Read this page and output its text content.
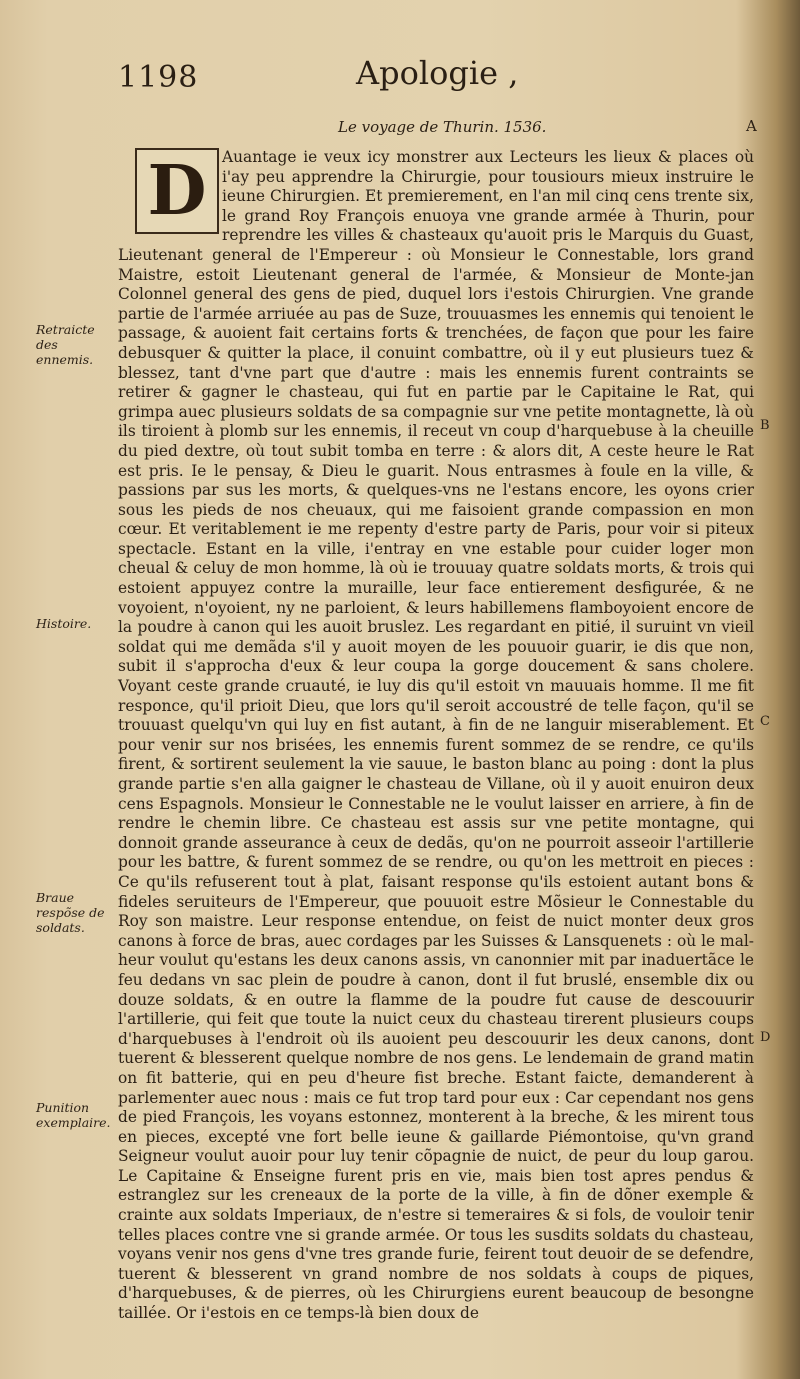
1198	Apologie ,
Le voyage de Thurin. 1536.	A
D	Auantage ie veux icy monstrer aux Lecteurs les lieux & places où i'ay peu apprendre la Chirurgie, pour tousiours mieux instruire le ieune Chirurgien. Et premierement, en l'an mil cinq cens trente six, le grand Roy François enuoya vne grande armée à Thurin, pour reprendre les villes & chasteaux qu'auoit pris le Marquis du Guast, Lieutenant general de l'Empereur : où Monsieur le Connestable, lors grand Maistre, estoit Lieutenant general de l'armée, & Monsieur de Monte-jan Colonnel general des gens de pied, duquel lors i'estois Chirurgien. Vne grande partie de l'armée arriuée au pas de Suze, trouuasmes les ennemis qui tenoient le passage, & auoient fait certains forts & trenchées, de façon que pour les faire debusquer & quitter la place, il conuint combattre, où il y eut plusieurs tuez & blessez, tant d'vne part que d'autre : mais les ennemis furent contraints se retirer & gagner le chasteau, qui fut en partie par le Capitaine le Rat, qui grimpa auec plusieurs soldats de sa compagnie sur vne petite montagnette, là où ils tiroient à plomb sur les ennemis, il receut vn coup d'harquebuse à la cheuille du pied dextre, où tout subit tomba en terre : & alors dit, A ceste heure le Rat est pris. Ie le pensay, & Dieu le guarit. Nous entrasmes à foule en la ville, & passions par sus les morts, & quelques-vns ne l'estans encore, les oyons crier sous les pieds de nos cheuaux, qui me faisoient grande compassion en mon cœur. Et veritablement ie me repenty d'estre party de Paris, pour voir si piteux spectacle. Estant en la ville, i'entray en vne estable pour cuider loger mon cheual & celuy de mon homme, là où ie trouuay quatre soldats morts, & trois qui estoient appuyez contre la muraille, leur face entierement desfigurée, & ne voyoient, n'oyoient, ny ne parloient, & leurs habillemens flamboyoient encore de la poudre à canon qui les auoit bruslez. Les regardant en pitié, il suruint vn vieil soldat qui me demãda s'il y auoit moyen de les pouuoir guarir, ie dis que non, subit il s'approcha d'eux & leur coupa la gorge doucement & sans cholere. Voyant ceste grande cruauté, ie luy dis qu'il estoit vn mauuais homme. Il me fit responce, qu'il prioit Dieu, que lors qu'il seroit accoustré de telle façon, qu'il se trouuast quelqu'vn qui luy en fist autant, à fin de ne languir miserablement. Et pour venir sur nos brisées, les ennemis furent sommez de se rendre, ce qu'ils firent, & sortirent seulement la vie sauue, le baston blanc au poing : dont la plus grande partie s'en alla gaigner le chasteau de Villane, où il y auoit enuiron deux cens Espagnols. Monsieur le Connestable ne le voulut laisser en arriere, à fin de rendre le chemin libre. Ce chasteau est assis sur vne petite montagne, qui donnoit grande asseurance à ceux de dedãs, qu'on ne pourroit asseoir l'artillerie pour les battre, & furent sommez de se rendre, ou qu'on les mettroit en pieces : Ce qu'ils refuserent tout à plat, faisant response qu'ils estoient autant bons & fideles seruiteurs de l'Empereur, que pouuoit estre Mõsieur le Connestable du Roy son maistre. Leur response entendue, on feist de nuict monter deux gros canons à force de bras, auec cordages par les Suisses & Lansquenets : où le mal-heur voulut qu'estans les deux canons assis, vn canonnier mit par inaduertãce le feu dedans vn sac plein de poudre à canon, dont il fut bruslé, ensemble dix ou douze soldats, & en outre la flamme de la poudre fut cause de descouurir l'artillerie, qui feit que toute la nuict ceux du chasteau tirerent plusieurs coups d'harquebuses à l'endroit où ils auoient peu descouurir les deux canons, dont tuerent & blesserent quelque nombre de nos gens. Le lendemain de grand matin on fit batterie, qui en peu d'heure fist breche. Estant faicte, demanderent à parlementer auec nous : mais ce fut trop tard pour eux : Car cependant nos gens de pied François, les voyans estonnez, monterent à la breche, & les mirent tous en pieces, excepté vne fort belle ieune & gaillarde Piémontoise, qu'vn grand Seigneur voulut auoir pour luy tenir cõpagnie de nuict, de peur du loup garou. Le Capitaine & Enseigne furent pris en vie, mais bien tost apres pendus & estranglez sur les creneaux de la porte de la ville, à fin de dõner exemple & crainte aux soldats Imperiaux, de n'estre si temeraires & si fols, de vouloir tenir telles places contre vne si grande armée. Or tous les susdits soldats du chasteau, voyans venir nos gens d'vne tres grande furie, feirent tout deuoir de se defendre, tuerent & blesserent vn grand nombre de nos soldats à coups de piques, d'harquebuses, & de pierres, où les Chirurgiens eurent beaucoup de besongne taillée. Or i'estois en ce temps-là bien doux de

Retraicte des ennemis.
Histoire.
Braue respõse de soldats.
Punition exemplaire.
B
C
D
